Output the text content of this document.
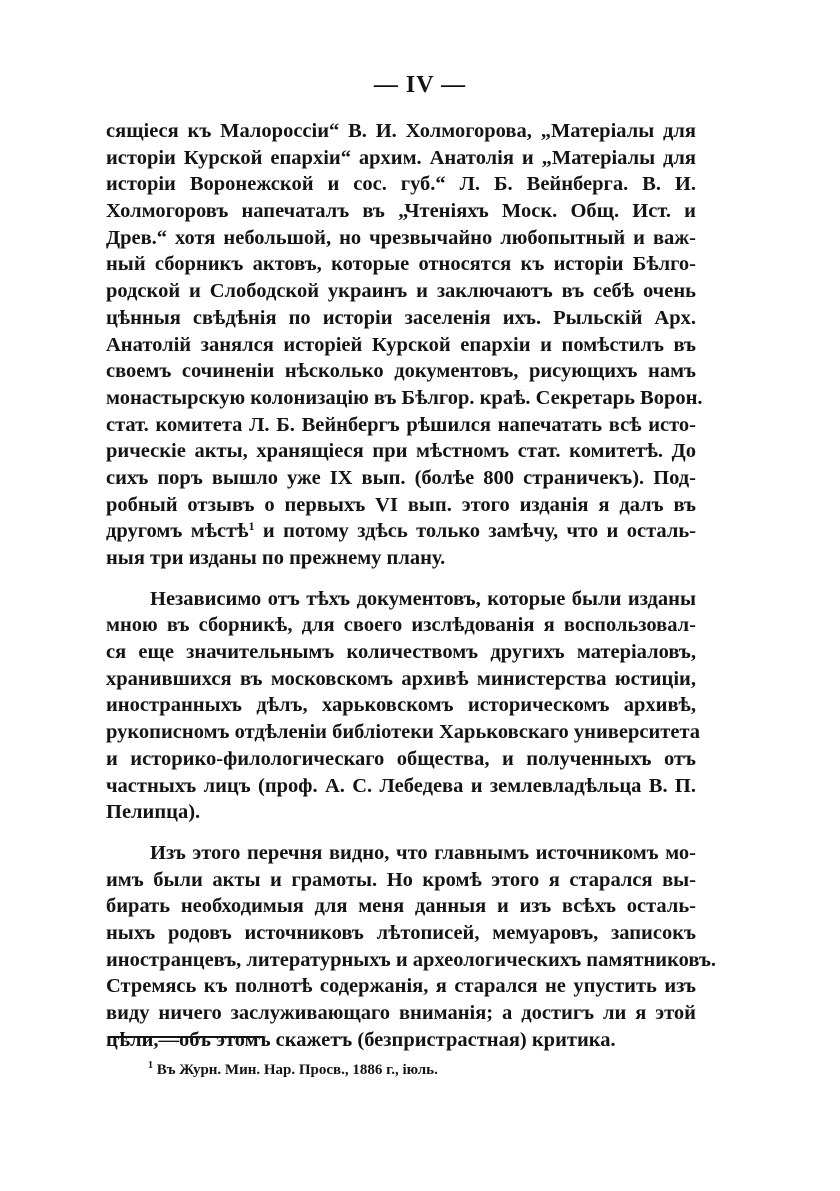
— IV —
сящіеся къ Малороссіи“ В. И. Холмогорова, „Матеріалы для
исторіи Курской епархіи“ архим. Анатолія и „Матеріалы для
исторіи Воронежской и сос. губ.“ Л. Б. Вейнберга. В. И.
Холмогоровъ напечаталъ въ „Чтеніяхъ Моск. Общ. Ист. и
Древ.“ хотя небольшой, но чрезвычайно любопытный и важ-
ный сборникъ актовъ, которые относятся къ исторіи Бѣлго-
родской и Слободской украинъ и заключаютъ въ себѣ очень
цѣнныя свѣдѣнія по исторіи заселенія ихъ. Рыльскій Арх.
Анатолій занялся исторіей Курской епархіи и помѣстилъ въ
своемъ сочиненіи нѣсколько документовъ, рисующихъ намъ
монастырскую колонизацію въ Бѣлгор. краѣ. Секретарь Ворон.
стат. комитета Л. Б. Вейнбергъ рѣшился напечатать всѣ исто-
рическіе акты, хранящіеся при мѣстномъ стат. комитетѣ. До
сихъ поръ вышло уже IX вып. (болѣе 800 страничекъ). Под-
робный отзывъ о первыхъ VI вып. этого изданія я далъ въ
другомъ мѣстѣ$^1$ и потому здѣсь только замѣчу, что и осталь-
ныя три изданы по прежнему плану.
Независимо отъ тѣхъ документовъ, которые были изданы
мною въ сборникѣ, для своего изслѣдованія я воспользовал-
ся еще значительнымъ количествомъ другихъ матеріаловъ,
хранившихся въ московскомъ архивѣ министерства юстиціи,
иностранныхъ дѣлъ, харьковскомъ историческомъ архивѣ,
рукописномъ отдѣленіи библіотеки Харьковскаго университета
и историко-филологическаго общества, и полученныхъ отъ
частныхъ лицъ (проф. А. С. Лебедева и землевладѣльца В. П.
Пелипца).
Изъ этого перечня видно, что главнымъ источникомъ мо-
имъ были акты и грамоты. Но кромѣ этого я старался вы-
бирать необходимыя для меня данныя и изъ всѣхъ осталь-
ныхъ родовъ источниковъ лѣтописей, мемуаровъ, записокъ
иностранцевъ, литературныхъ и археологическихъ памятниковъ.
Стремясь къ полнотѣ содержанія, я старался не упустить изъ
виду ничего заслуживающаго вниманія; а достигъ ли я этой
цѣли,—объ этомъ скажетъ (безпристрастная) критика.
$^1$ Въ Журн. Мин. Нар. Просв., 1886 г., іюль.
